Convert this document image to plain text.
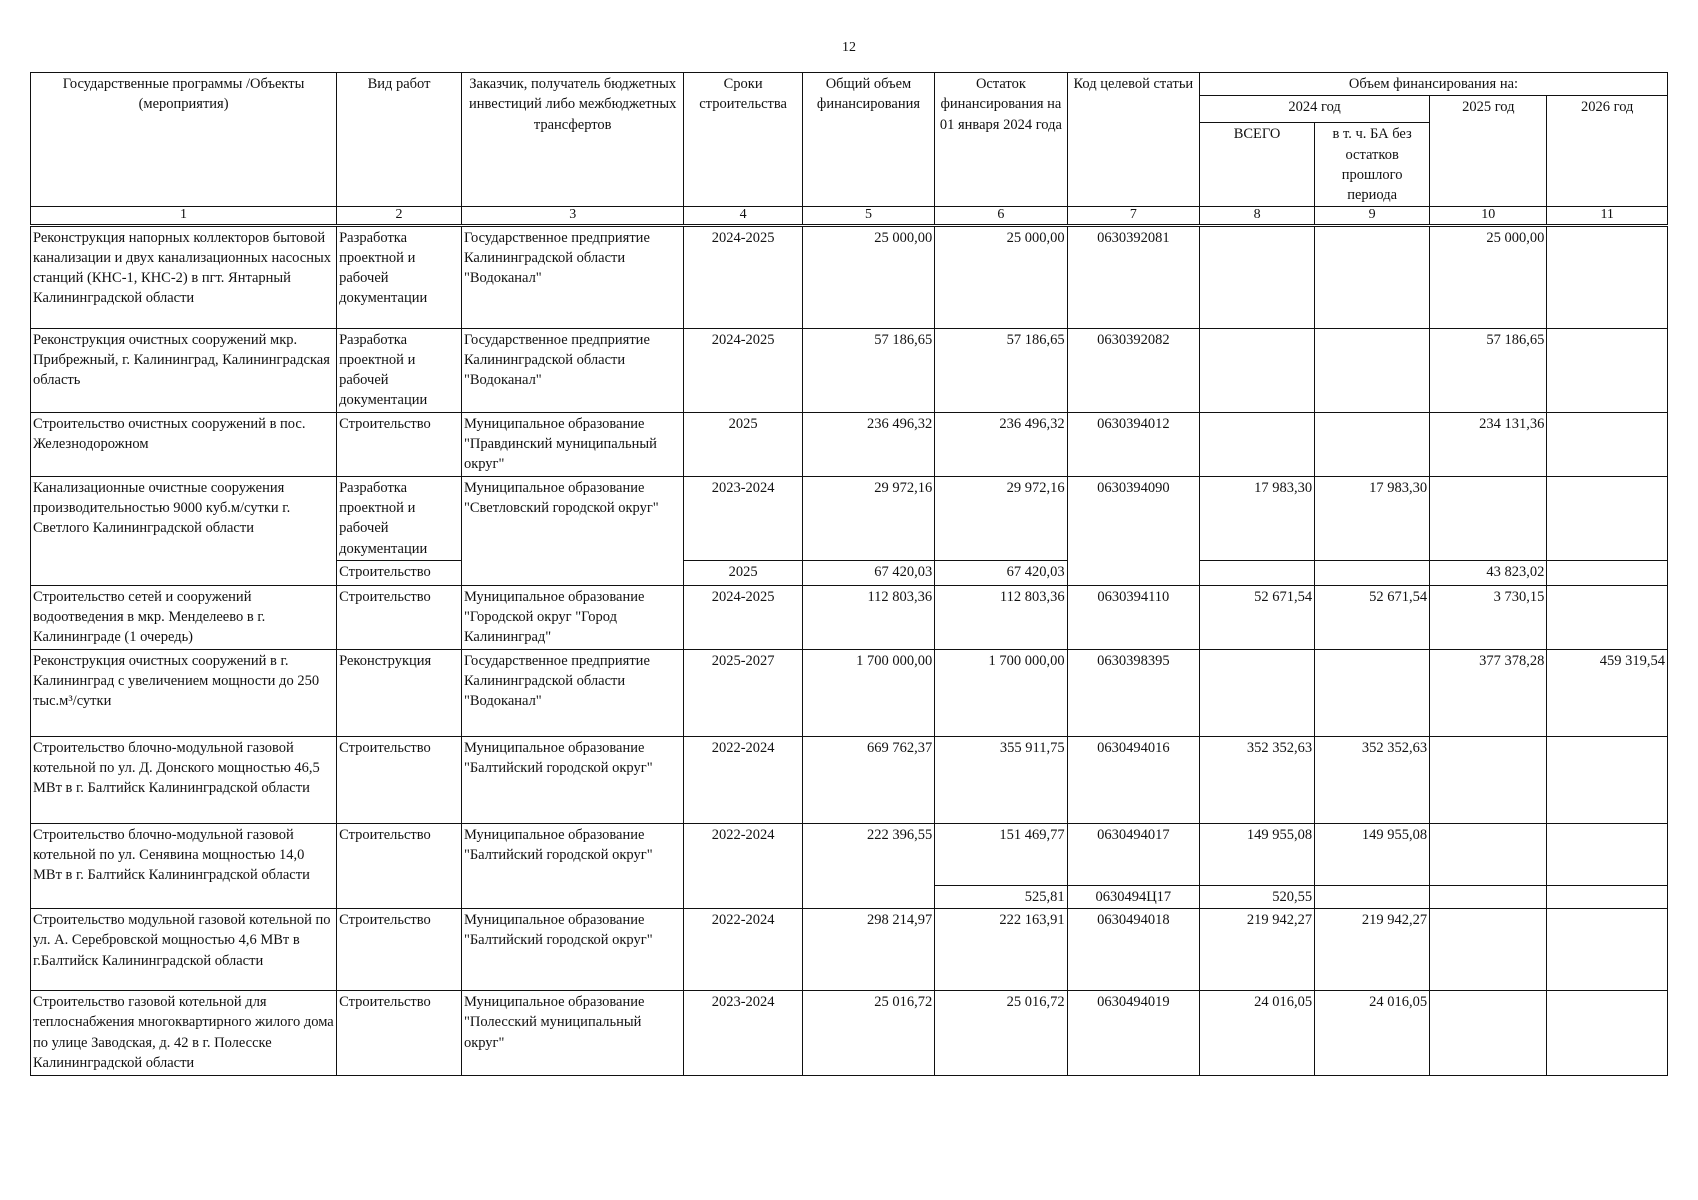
12
Государственные программы /Объекты (мероприятия)	Вид работ	Заказчик, получатель бюджетных инвестиций либо межбюджетных трансфертов	Сроки строительства	Общий объем финансирования	Остаток финансирования на 01 января 2024 года	Код целевой статьи	Объем финансирования на:			
							2024 год		2025 год	2026 год
							ВСЕГО	в т. ч. БА без остатков прошлого периода		
1	2	3	4	5	6	7	8	9	10	11
Реконструкция напорных коллекторов бытовой канализации и двух канализационных насосных станций (КНС-1, КНС-2) в пгт. Янтарный Калининградской области	Разработка проектной и рабочей документации	Государственное предприятие Калининградской области "Водоканал"	2024-2025	25 000,00	25 000,00	0630392081			25 000,00	
Реконструкция очистных сооружений мкр. Прибрежный, г. Калининград, Калининградская область	Разработка проектной и рабочей документации	Государственное предприятие Калининградской области "Водоканал"	2024-2025	57 186,65	57 186,65	0630392082			57 186,65	
Строительство очистных сооружений в пос. Железнодорожном	Строительство	Муниципальное образование "Правдинский муниципальный округ"	2025	236 496,32	236 496,32	0630394012			234 131,36	
Канализационные очистные сооружения производительностью 9000 куб.м/сутки г. Светлого Калининградской области	Разработка проектной и рабочей документации	Муниципальное образование "Светловский городской округ"	2023-2024	29 972,16	29 972,16	0630394090	17 983,30	17 983,30		
	Строительство		2025	67 420,03	67 420,03				43 823,02	
Строительство сетей и сооружений водоотведения в мкр. Менделеево в г. Калининграде (1 очередь)	Строительство	Муниципальное образование "Городской округ "Город Калининград"	2024-2025	112 803,36	112 803,36	0630394110	52 671,54	52 671,54	3 730,15	
Реконструкция очистных сооружений в г. Калининград с увеличением мощности до 250 тыс.м³/сутки	Реконструкция	Государственное предприятие Калининградской области "Водоканал"	2025-2027	1 700 000,00	1 700 000,00	0630398395			377 378,28	459 319,54
Строительство блочно-модульной газовой котельной по ул. Д. Донского мощностью 46,5 МВт в г. Балтийск Калининградской области	Строительство	Муниципальное образование "Балтийский городской округ"	2022-2024	669 762,37	355 911,75	0630494016	352 352,63	352 352,63		
Строительство блочно-модульной газовой котельной по ул. Сенявина мощностью 14,0 МВт в г. Балтийск Калининградской области	Строительство	Муниципальное образование "Балтийский городской округ"	2022-2024	222 396,55	151 469,77	0630494017	149 955,08	149 955,08		
					525,81	0630494Ц17	520,55			
Строительство модульной газовой котельной по ул. А. Серебровской мощностью 4,6 МВт в г.Балтийск Калининградской области	Строительство	Муниципальное образование "Балтийский городской округ"	2022-2024	298 214,97	222 163,91	0630494018	219 942,27	219 942,27		
Строительство газовой котельной для теплоснабжения многоквартирного жилого дома по улице Заводская, д. 42 в г. Полесске Калининградской области	Строительство	Муниципальное образование "Полесский муниципальный округ"	2023-2024	25 016,72	25 016,72	0630494019	24 016,05	24 016,05		
